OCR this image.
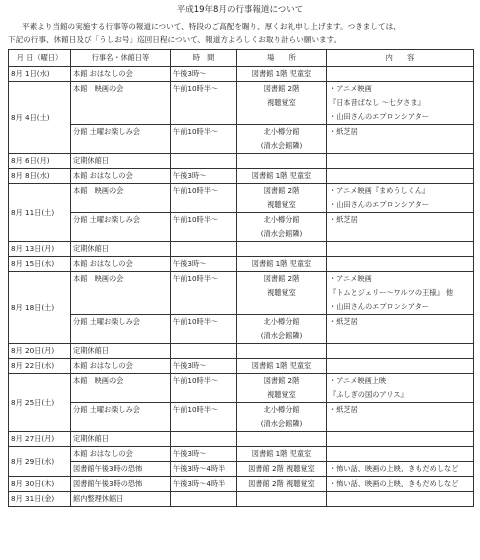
平成19年8月の行事報道について

平素より当館の実施する行事等の報道について、特段のご高配を賜り、厚くお礼申し上げます。つきましては、

下記の行事、休館日及び「うしお号」巡回日程について、報道方よろしくお取り計らい願います。

月 日（曜日）	行事名・休館日等	時　間	場　　所	内　　容
8月 1日(水)	本館 おはなしの会	午後3時～	図書館 1階 児童室	

8月 4日(土)	本館　映画の会	午前10時半～	図書館 2階
視聴覚室	・アニメ映画
『日本昔ばなし ～七夕さま』
・山田さんのエプロンシアター

	分館 土曜お楽しみ会	午前10時半～	北小樽分館
(清水会館隣)	・紙芝居

8月 6日(月)	定期休館日			

8月 8日(水)	本館 おはなしの会	午後3時～	図書館 1階 児童室	

8月 11日(土)	本館　映画の会	午前10時半～	図書館 2階
視聴覚室	・アニメ映画『まめうしくん』
・山田さんのエプロンシアター

	分館 土曜お楽しみ会	午前10時半～	北小樽分館
(清水会館隣)	・紙芝居

8月 13日(月)	定期休館日			

8月 15日(水)	本館 おはなしの会	午後3時～	図書館 1階 児童室	

8月 18日(土)	本館　映画の会	午前10時半～	図書館 2階
視聴覚室	・アニメ映画
『トムとジェリー～ワルツの王様』 他
・山田さんのエプロンシアター

	分館 土曜お楽しみ会	午前10時半～	北小樽分館
(清水会館隣)	・紙芝居

8月 20日(月)	定期休館日			

8月 22日(水)	本館 おはなしの会	午後3時～	図書館 1階 児童室	

8月 25日(土)	本館　映画の会	午前10時半～	図書館 2階
視聴覚室	・アニメ映画上映
『ふしぎの国のアリス』

	分館 土曜お楽しみ会	午前10時半～	北小樽分館
(清水会館隣)	・紙芝居

8月 27日(月)	定期休館日			

8月 29日(水)	本館 おはなしの会	午後3時～	図書館 1階 児童室	

	図書館午後3時の恐怖	午後3時～4時半	図書館 2階 視聴覚室	・怖い話、映画の上映、きもだめしなど

8月 30日(木)	図書館午後3時の恐怖	午後3時～4時半	図書館 2階 視聴覚室	・怖い話、映画の上映、きもだめしなど

8月 31日(金)	館内整理休館日			
